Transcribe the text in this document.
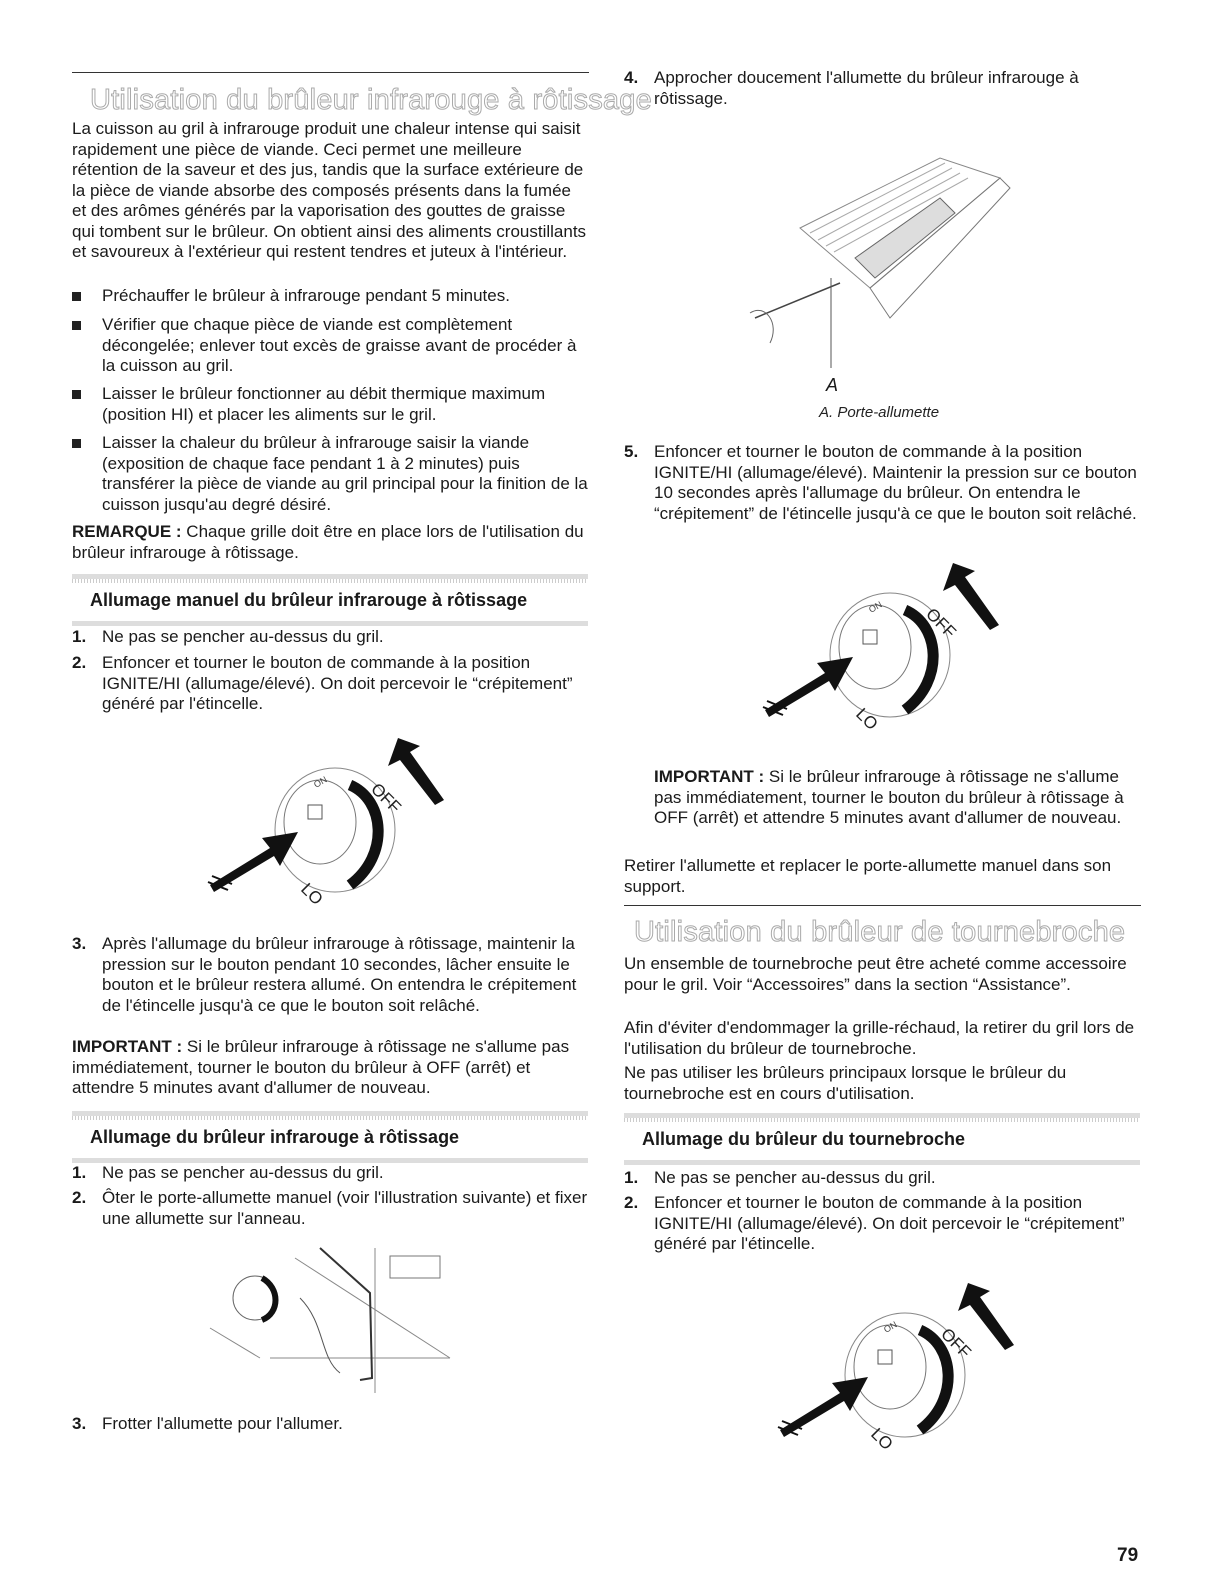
Utilisation du brûleur infrarouge à rôtissage
La cuisson au gril à infrarouge produit une chaleur intense qui saisit rapidement une pièce de viande. Ceci permet une meilleure rétention de la saveur et des jus, tandis que la surface extérieure de la pièce de viande absorbe des composés présents dans la fumée et des arômes générés par la vaporisation des gouttes de graisse qui tombent sur le brûleur. On obtient ainsi des aliments croustillants et savoureux à l'extérieur qui restent tendres et juteux à l'intérieur.
Préchauffer le brûleur à infrarouge pendant 5 minutes.
Vérifier que chaque pièce de viande est complètement décongelée; enlever tout excès de graisse avant de procéder à la cuisson au gril.
Laisser le brûleur fonctionner au débit thermique maximum (position HI) et placer les aliments sur le gril.
Laisser la chaleur du brûleur à infrarouge saisir la viande (exposition de chaque face pendant 1 à 2 minutes) puis transférer la pièce de viande au gril principal pour la finition de la cuisson jusqu'au degré désiré.
REMARQUE : Chaque grille doit être en place lors de l'utilisation du brûleur infrarouge à rôtissage.
Allumage manuel du brûleur infrarouge à rôtissage
1. Ne pas se pencher au-dessus du gril.
2. Enfoncer et tourner le bouton de commande à la position IGNITE/HI (allumage/élevé). On doit percevoir le “crépitement” généré par l'étincelle.
OFF
LO
ON
3. Après l'allumage du brûleur infrarouge à rôtissage, maintenir la pression sur le bouton pendant 10 secondes, lâcher ensuite le bouton et le brûleur restera allumé. On entendra le crépitement de l'étincelle jusqu'à ce que le bouton soit relâché.
IMPORTANT : Si le brûleur infrarouge à rôtissage ne s'allume pas immédiatement, tourner le bouton du brûleur à OFF (arrêt) et attendre 5 minutes avant d'allumer de nouveau.
Allumage du brûleur infrarouge à rôtissage
1. Ne pas se pencher au-dessus du gril.
2. Ôter le porte-allumette manuel (voir l'illustration suivante) et fixer une allumette sur l'anneau.
3. Frotter l'allumette pour l'allumer.
4. Approcher doucement l'allumette du brûleur infrarouge à rôtissage.
A
A. Porte-allumette
5. Enfoncer et tourner le bouton de commande à la position IGNITE/HI (allumage/élevé). Maintenir la pression sur ce bouton 10 secondes après l'allumage du brûleur. On entendra le “crépitement” de l'étincelle jusqu'à ce que le bouton soit relâché.
OFF
LO
ON
IMPORTANT : Si le brûleur infrarouge à rôtissage ne s'allume pas immédiatement, tourner le bouton du brûleur à rôtissage à OFF (arrêt) et attendre 5 minutes avant d'allumer de nouveau.
Retirer l'allumette et replacer le porte-allumette manuel dans son support.
Utilisation du brûleur de tournebroche
Un ensemble de tournebroche peut être acheté comme accessoire pour le gril. Voir “Accessoires” dans la section “Assistance”.
Afin d'éviter d'endommager la grille-réchaud, la retirer du gril lors de l'utilisation du brûleur de tournebroche.
Ne pas utiliser les brûleurs principaux lorsque le brûleur du tournebroche est en cours d'utilisation.
Allumage du brûleur du tournebroche
1. Ne pas se pencher au-dessus du gril.
2. Enfoncer et tourner le bouton de commande à la position IGNITE/HI (allumage/élevé). On doit percevoir le “crépitement” généré par l'étincelle.
OFF
LO
ON
79
